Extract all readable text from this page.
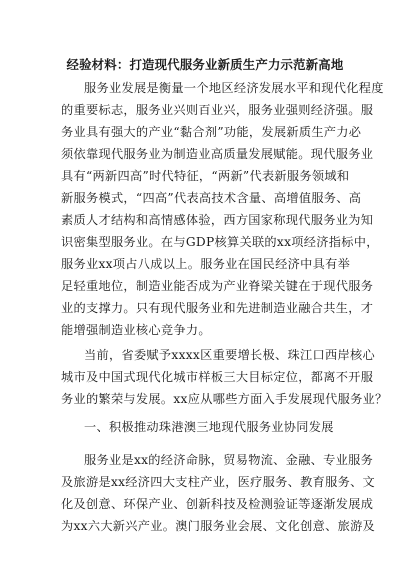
经验材料：打造现代服务业新质生产力示范新高地
服务业发展是衡量一个地区经济发展水平和现代化程度
的重要标志，服务业兴则百业兴，服务业强则经济强。服
务业具有强大的产业“黏合剂”功能，发展新质生产力必
须依靠现代服务业为制造业高质量发展赋能。现代服务业
具有“两新四高”时代特征，“两新”代表新服务领域和
新服务模式，“四高”代表高技术含量、高增值服务、高
素质人才结构和高情感体验，西方国家称现代服务业为知
识密集型服务业。在与GDP核算关联的xx项经济指标中，
服务业xx项占八成以上。服务业在国民经济中具有举
足轻重地位，制造业能否成为产业脊梁关键在于现代服务
业的支撑力。只有现代服务业和先进制造业融合共生，才
能增强制造业核心竞争力。
当前，省委赋予xxxx区重要增长极、珠江口西岸核心
城市及中国式现代化城市样板三大目标定位，都离不开服
务业的繁荣与发展。xx应从哪些方面入手发展现代服务业？
一、积极推动珠港澳三地现代服务业协同发展
服务业是xx的经济命脉，贸易物流、金融、专业服务
及旅游是xx经济四大支柱产业，医疗服务、教育服务、文
化及创意、环保产业、创新科技及检测验证等逐渐发展成
为xx六大新兴产业。澳门服务业会展、文化创意、旅游及
